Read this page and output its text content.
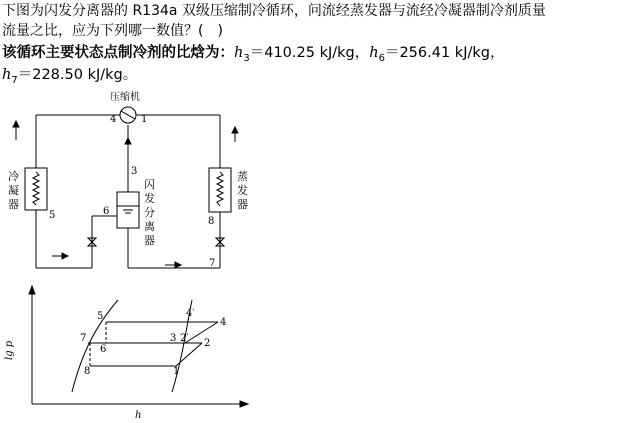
下图为闪发分离器的 R134a 双级压缩制冷循环，问流经蒸发器与流经冷凝器制冷剂质量
流量之比，应为下列哪一数值？(　)
该循环主要状态点制冷剂的比焓为：$h_3=410.25$ kJ/kg，$h_6=256.41$ kJ/kg，
$h_7=228.50$ kJ/kg。
压缩机
4 1
3
5	6
8
7
冷
凝
器
闪
发
分
离
器
蒸
发
器
lg p
h
5
7
6
8
4′
4
3 2′ 2
1
